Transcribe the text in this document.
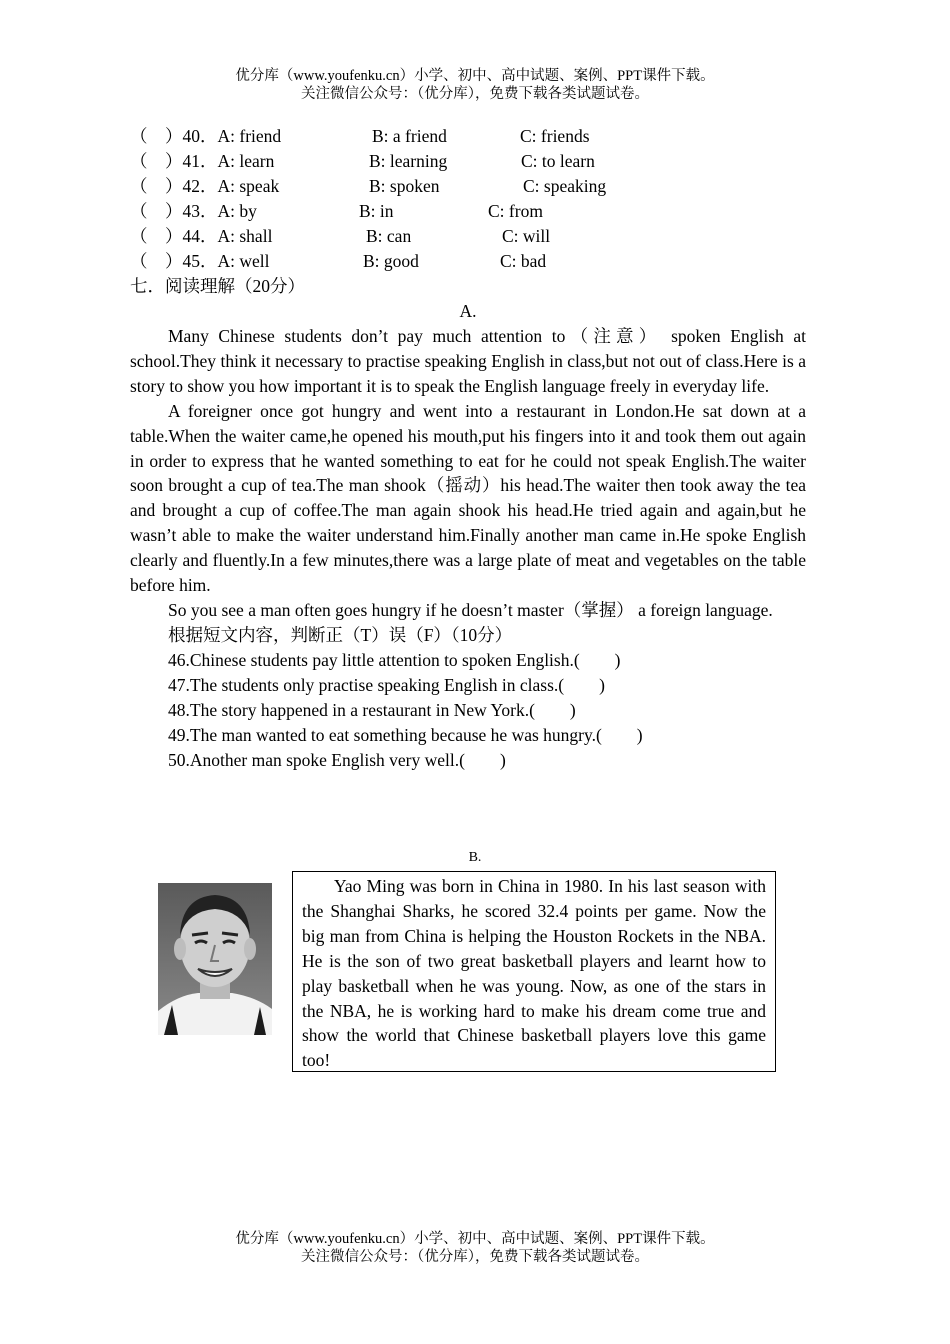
优分库（www.youfenku.cn）小学、初中、高中试题、案例、PPT课件下载。
关注微信公众号：（优分库），免费下载各类试题试卷。
（　）40．A: friend	B: a friend	C: friends
（　）41．A: learn	B: learning	C: to learn
（　）42．A: speak	B: spoken	C: speaking
（　）43．A: by	B: in	C: from
（　）44．A: shall	B: can	C: will
（　）45．A: well	B: good	C: bad
七．阅读理解（20分）
A.

Many Chinese students don’t pay much attention to（注意） spoken English at school.They think it necessary to practise speaking English in class,but not out of class.Here is a story to show you how important it is to speak the English language freely in everyday life.

A foreigner once got hungry and went into a restaurant in London.He sat down at a table.When the waiter came,he opened his mouth,put his fingers into it and took them out again in order to express that he wanted something to eat for he could not speak English.The waiter soon brought a cup of tea.The man shook（摇动）his head.The waiter then took away the tea and brought a cup of coffee.The man again shook his head.He tried again and again,but he wasn’t able to make the waiter understand him.Finally another man came in.He spoke English clearly and fluently.In a few minutes,there was a large plate of meat and vegetables on the table before him.

So you see a man often goes hungry if he doesn’t master（掌握） a foreign language.

根据短文内容，判断正（T）误（F）（10分）
46.Chinese students pay little attention to spoken English.(　　)
47.The students only practise speaking English in class.(　　)
48.The story happened in a restaurant in New York.(　　)
49.The man wanted to eat something because he was hungry.(　　)
50.Another man spoke English very well.(　　)
B.

Yao Ming was born in China in 1980. In his last season with the Shanghai Sharks, he scored 32.4 points per game. Now the big man from China is helping the Houston Rockets in the NBA. He is the son of two great basketball players and learnt how to play basketball when he was young. Now, as one of the stars in the NBA, he is working hard to make his dream come true and show the world that Chinese basketball players love this game too!

优分库（www.youfenku.cn）小学、初中、高中试题、案例、PPT课件下载。
关注微信公众号：（优分库），免费下载各类试题试卷。
